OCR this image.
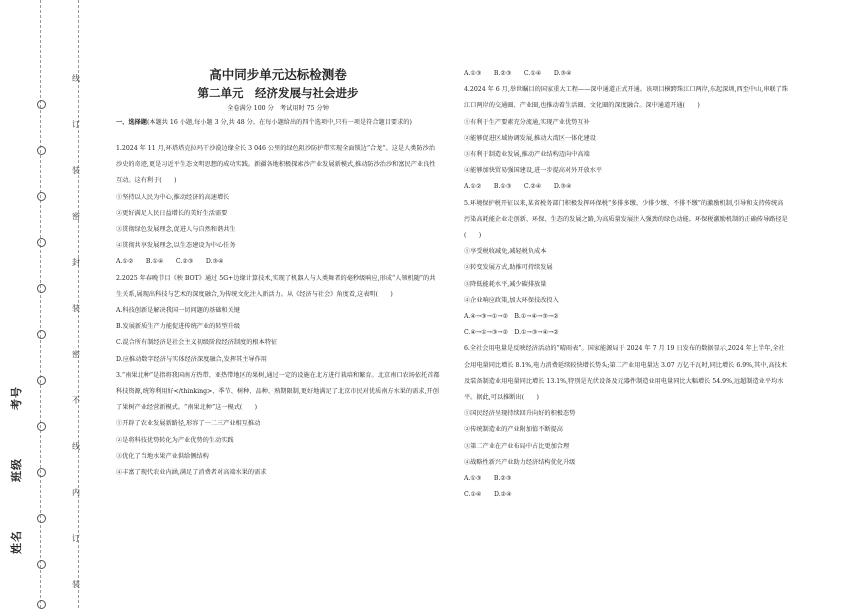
线
订
装
密
封
装
密
不
线
内
订
装
考号
班级
姓名

高中同步单元达标检测卷

第二单元　经济发展与社会进步

全卷满分 100 分　考试用时 75 分钟

一、选择题(本题共 16 小题,每小题 3 分,共 48 分。在每小题给出的四个选项中,只有一项是符合题目要求的)

1.2024 年 11 月,环塔塔克拉玛干沙漠边缘全长 3 046 公里的绿色阻沙防护带实现全面锁边“合龙”。这是人类防沙治沙史的奇迹,更是习近平生态文明思想的成功实践。新疆各地积极探索沙产业发展新模式,推动防沙治沙和富民产业良性互动。这有利于(　　)

①坚持以人民为中心,推动经济的高速增长

②更好满足人民日益增长的美好生活需要

③贯彻绿色发展理念,促进人与自然和谐共生

④贯彻共享发展理念,以生态建设为中心任务

A.①②　　B.①④　　C.②③　　D.③④

2.2025 年春晚节目《秧 BOT》通过 5G+边缘计算技术,实现了机器人与人类舞者的毫秒级响应,形成“人领机随”的共生关系,展现出科技与艺术的深度融合,为传统文化注入新活力。从《经济与社会》角度看,这表明(　　)

A.科技创新是解决我国一切问题的基础和关键

B.发展新质生产力能促进传统产业的转型升级

C.混合所有制经济是社会主义初级阶段经济制度的根本特征

D.应推动数字经济与实体经济深度融合,发挥其主导作用

3.“南果北种”是指将我国南方热带、亚热带地区的果树,通过一定的设施在北方进行栽培和繁育。北京南口农场依托首都科技资源,统筹利用好</thinking>、季节、树种、品种、熟期限制,更好地满足了北京市民对优质南方水果的需求,开创了果树产业经营新模式。“南果北种”这一模式(　　)

①开辟了农业发展新路径,形容了一二三产业相互推动

②是将科技优势转化为产业优势的生动实践

③优化了当地水果产业供给侧结构

④丰富了现代农业内涵,满足了消费者对高端水果的需求

A.①③　　B.②③　　C.①④　　D.③④

4.2024 年 6 月,举世瞩目的国家重大工程——深中通道正式开通。该项目横跨珠江口两岸,东起深圳,西至中山,串联了珠江口两岸的交通圈、产业圈,也推动着生活圈、文化圈的深度融合。深中通道开通(　　)

①有利于生产要素充分流通,实现产业优势互补

②能够促进区域协调发展,推动大湾区一体化建设

③有利于制造业发展,推动产业结构迈向中高端

④能够加快贸易强国建设,进一步提高对外开放水平

A.①②　　B.①③　　C.②④　　D.③④

5.环境保护税开征以来,某省税务部门积极发挥环保税“多排多缴、少排少缴、不排不缴”的激励机制,引导和支持传统高污染高耗能企业走创新、环保、生态的发展之路,为高质量发展注入强劲的绿色动能。环保税激励机制的正确传导路径是(　　)

①享受税收减免,减轻税负成本

②转变发展方式,助推可持续发展

③降低能耗水平,减少碳排放量

④企业响应政策,加大环保技改投入

A.④→③→①→②　B.①→④→③→②

C.④→①→③→②　D.①→③→④→②

6.全社会用电量是反映经济活动的“晴雨表”。国家能源局于 2024 年 7 月 19 日发布的数据显示,2024 年上半年,全社会用电量同比增长 8.1%,电力消费延续较快增长势头;第二产业用电量达 3.07 万亿千瓦时,同比增长 6.9%,其中,高技术及装备制造业用电量同比增长 13.1%,特别是光伏设备及元器件制造业用电量同比大幅增长 54.9%,远超制造业平均水平。据此,可以推断出(　　)

①国民经济呈现持续回升向好的积极态势

②传统制造业的产业附加值不断提高

③第二产业在产业布局中占比更加合理

④战略性新兴产业助力经济结构优化升级

A.①③　　B.②③

C.①④　　D.②④
